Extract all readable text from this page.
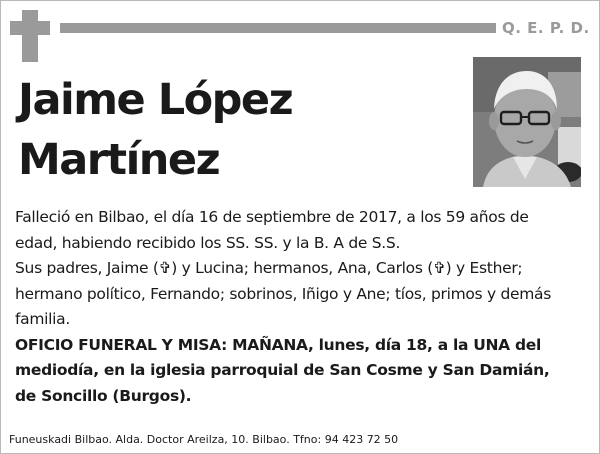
Q. E. P. D.
Jaime López
Martínez

Falleció en Bilbao, el día 16 de septiembre de 2017, a los 59 años de edad, habiendo recibido los SS. SS. y la B. A de S.S.

Sus padres, Jaime (✞) y Lucina; hermanos, Ana, Carlos (✞) y Esther; hermano político, Fernando; sobrinos, Iñigo y Ane; tíos, primos y demás familia.

OFICIO FUNERAL Y MISA: MAÑANA, lunes, día 18, a la UNA del mediodía, en la iglesia parroquial de San Cosme y San Damián, de Soncillo (Burgos).

Funeuskadi Bilbao. Alda. Doctor Areilza, 10. Bilbao. Tfno: 94 423 72 50
